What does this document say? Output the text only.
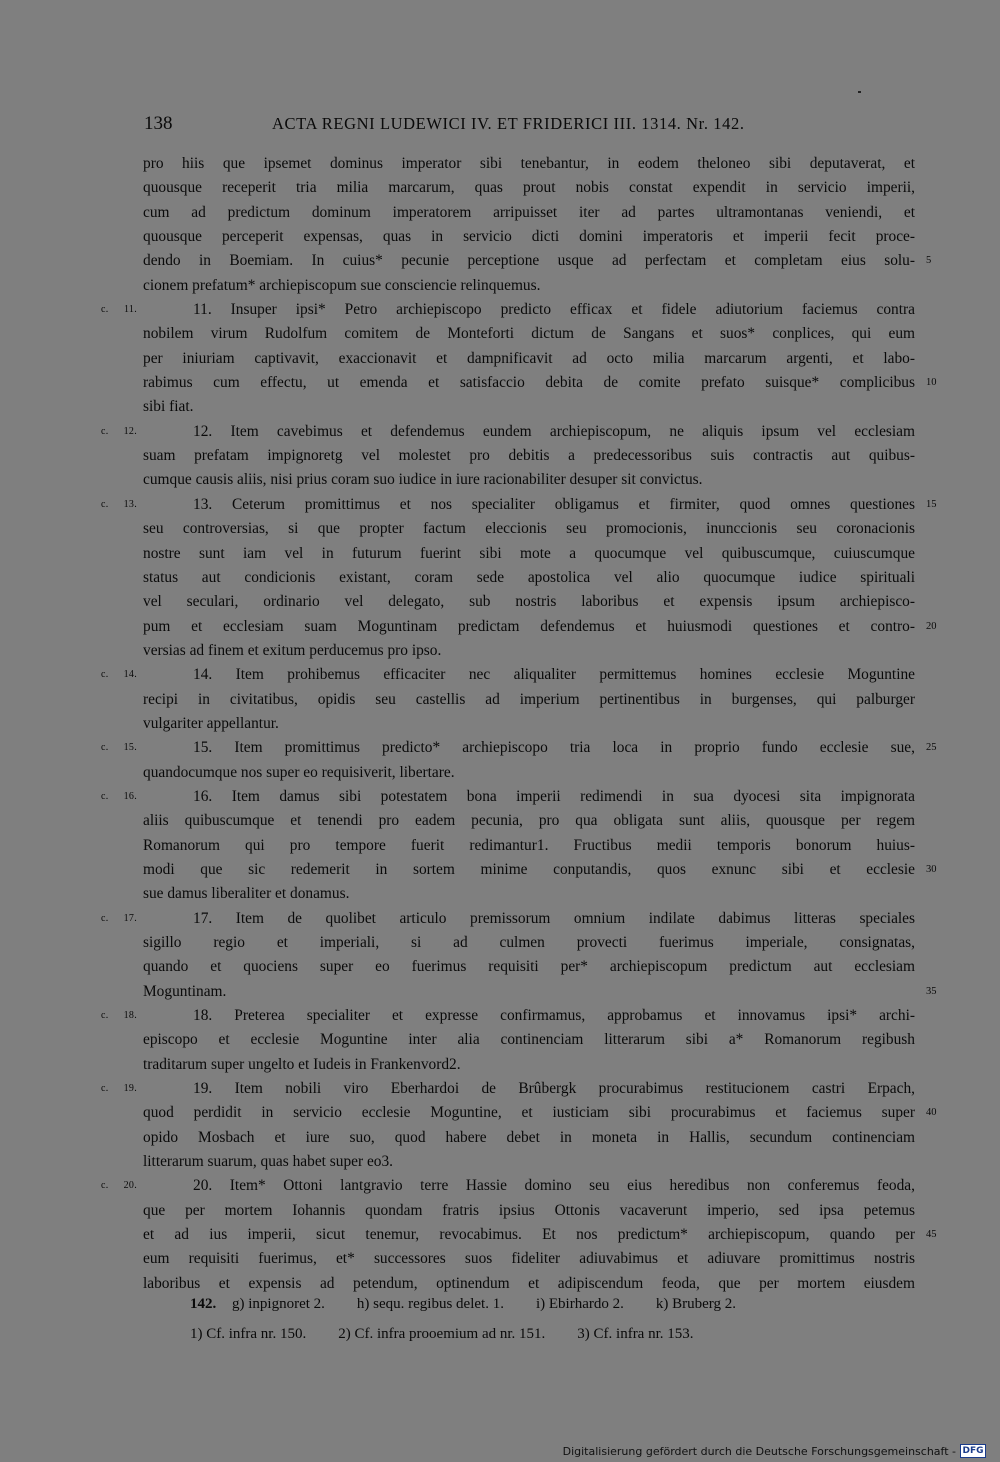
138	ACTA REGNI LUDEWICI IV. ET FRIDERICI III. 1314. Nr. 142.
pro hiis que ipsemet dominus imperator sibi tenebantur, in eodem theloneo sibi deputaverat, et
quousque receperit tria milia marcarum, quas prout nobis constat expendit in servicio imperii,
cum ad predictum dominum imperatorem arripuisset iter ad partes ultramontanas veniendi, et
quousque perceperit expensas, quas in servicio dicti domini imperatoris et imperii fecit proce-
dendo in Boemiam. In cuius* pecunie perceptione usque ad perfectam et completam eius solu- 5
cionem prefatum* archiepiscopum sue consciencie relinquemus.
11. Insuper ipsi* Petro archiepiscopo predicto efficax et fidele adiutorium faciemus contra
c. 11.
nobilem virum Rudolfum comitem de Monteforti dictum de Sangans et suos* conplices, qui eum
per iniuriam captivavit, exaccionavit et dampnificavit ad octo milia marcarum argenti, et labo-
rabimus cum effectu, ut emenda et satisfaccio debita de comite prefato suisque* complicibus 10
sibi fiat.
12. Item cavebimus et defendemus eundem archiepiscopum, ne aliquis ipsum vel ecclesiam
c. 12.
suam prefatam impignoretg vel molestet pro debitis a predecessoribus suis contractis aut quibus-
cumque causis aliis, nisi prius coram suo iudice in iure racionabiliter desuper sit convictus.
13. Ceterum promittimus et nos specialiter obligamus et firmiter, quod omnes questiones
c. 13.	15
seu controversias, si que propter factum eleccionis seu promocionis, inunccionis seu coronacionis
nostre sunt iam vel in futurum fuerint sibi mote a quocumque vel quibuscumque, cuiuscumque
status aut condicionis existant, coram sede apostolica vel alio quocumque iudice spirituali
vel seculari, ordinario vel delegato, sub nostris laboribus et expensis ipsum archiepisco-
pum et ecclesiam suam Moguntinam predictam defendemus et huiusmodi questiones et contro- 20
versias ad finem et exitum perducemus pro ipso.
14. Item prohibemus efficaciter nec aliqualiter permittemus homines ecclesie Moguntine
c. 14.
recipi in civitatibus, opidis seu castellis ad imperium pertinentibus in burgenses, qui palburger
vulgariter appellantur.
15. Item promittimus predicto* archiepiscopo tria loca in proprio fundo ecclesie sue,
c. 15.	25
quandocumque nos super eo requisiverit, libertare.
16. Item damus sibi potestatem bona imperii redimendi in sua dyocesi sita impignorata
c. 16.
aliis quibuscumque et tenendi pro eadem pecunia, pro qua obligata sunt aliis, quousque per regem
Romanorum qui pro tempore fuerit redimantur1. Fructibus medii temporis bonorum huius-
modi que sic redemerit in sortem minime conputandis, quos exnunc sibi et ecclesie 30
sue damus liberaliter et donamus.
17. Item de quolibet articulo premissorum omnium indilate dabimus litteras speciales
c. 17.
sigillo regio et imperiali, si ad culmen provecti fuerimus imperiale, consignatas,
quando et quociens super eo fuerimus requisiti per* archiepiscopum predictum aut ecclesiam
Moguntinam.	35
18. Preterea specialiter et expresse confirmamus, approbamus et innovamus ipsi* archi-
c. 18.
episcopo et ecclesie Moguntine inter alia continenciam litterarum sibi a* Romanorum regibush
traditarum super ungelto et Iudeis in Frankenvord2.
19. Item nobili viro Eberhardoi de Brûbergk procurabimus restitucionem castri Erpach,
c. 19.
quod perdidit in servicio ecclesie Moguntine, et iusticiam sibi procurabimus et faciemus super 40
opido Mosbach et iure suo, quod habere debet in moneta in Hallis, secundum continenciam
litterarum suarum, quas habet super eo3.
20. Item* Ottoni lantgravio terre Hassie domino seu eius heredibus non conferemus feoda,
c. 20.
que per mortem Iohannis quondam fratris ipsius Ottonis vacaverunt imperio, sed ipsa petemus
et ad ius imperii, sicut tenemur, revocabimus. Et nos predictum* archiepiscopum, quando per 45
eum requisiti fuerimus, et* successores suos fideliter adiuvabimus et adiuvare promittimus nostris
laboribus et expensis ad petendum, optinendum et adipiscendum feoda, que per mortem eiusdem
142. g) inpignoret 2. h) sequ. regibus delet. 1. i) Ebirhardo 2. k) Bruberg 2.
1) Cf. infra nr. 150. 2) Cf. infra prooemium ad nr. 151. 3) Cf. infra nr. 153.
Digitalisierung gefördert durch die Deutsche Forschungsgemeinschaft - DFG
